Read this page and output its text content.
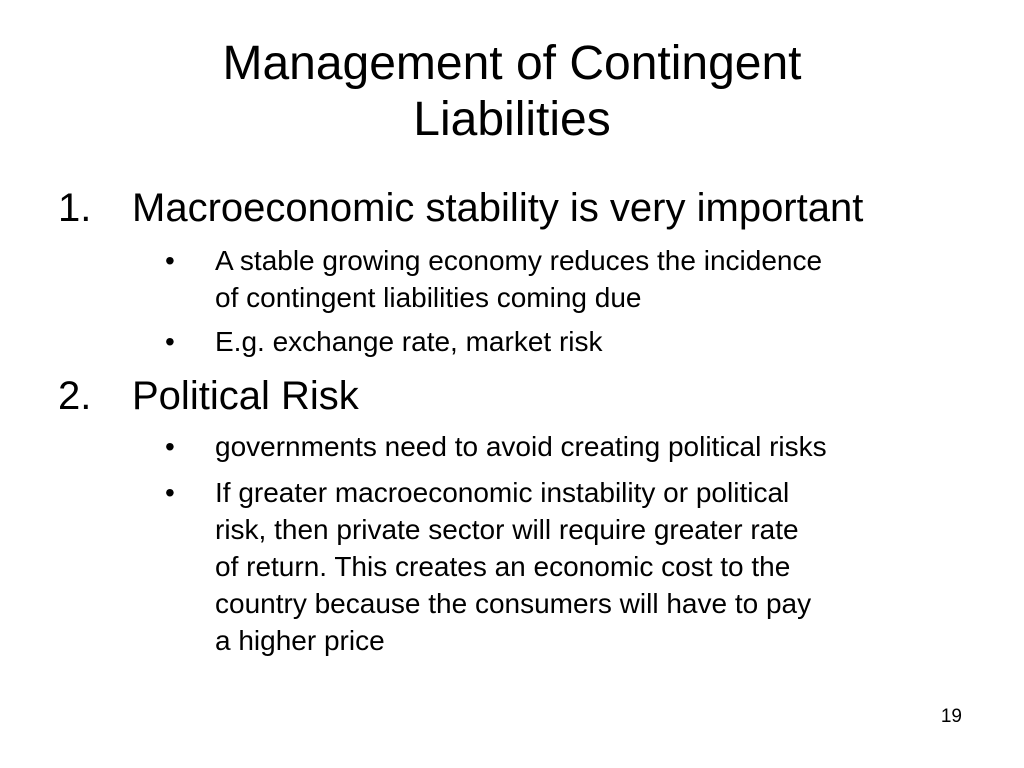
Management of Contingent
Liabilities
1. Macroeconomic stability is very important
• A stable growing economy reduces the incidence
of contingent liabilities coming due
• E.g. exchange rate, market risk
2. Political Risk
• governments need to avoid creating political risks
• If greater macroeconomic instability or political
risk, then private sector will require greater rate
of return. This creates an economic cost to the
country because the consumers will have to pay
a higher price
19
